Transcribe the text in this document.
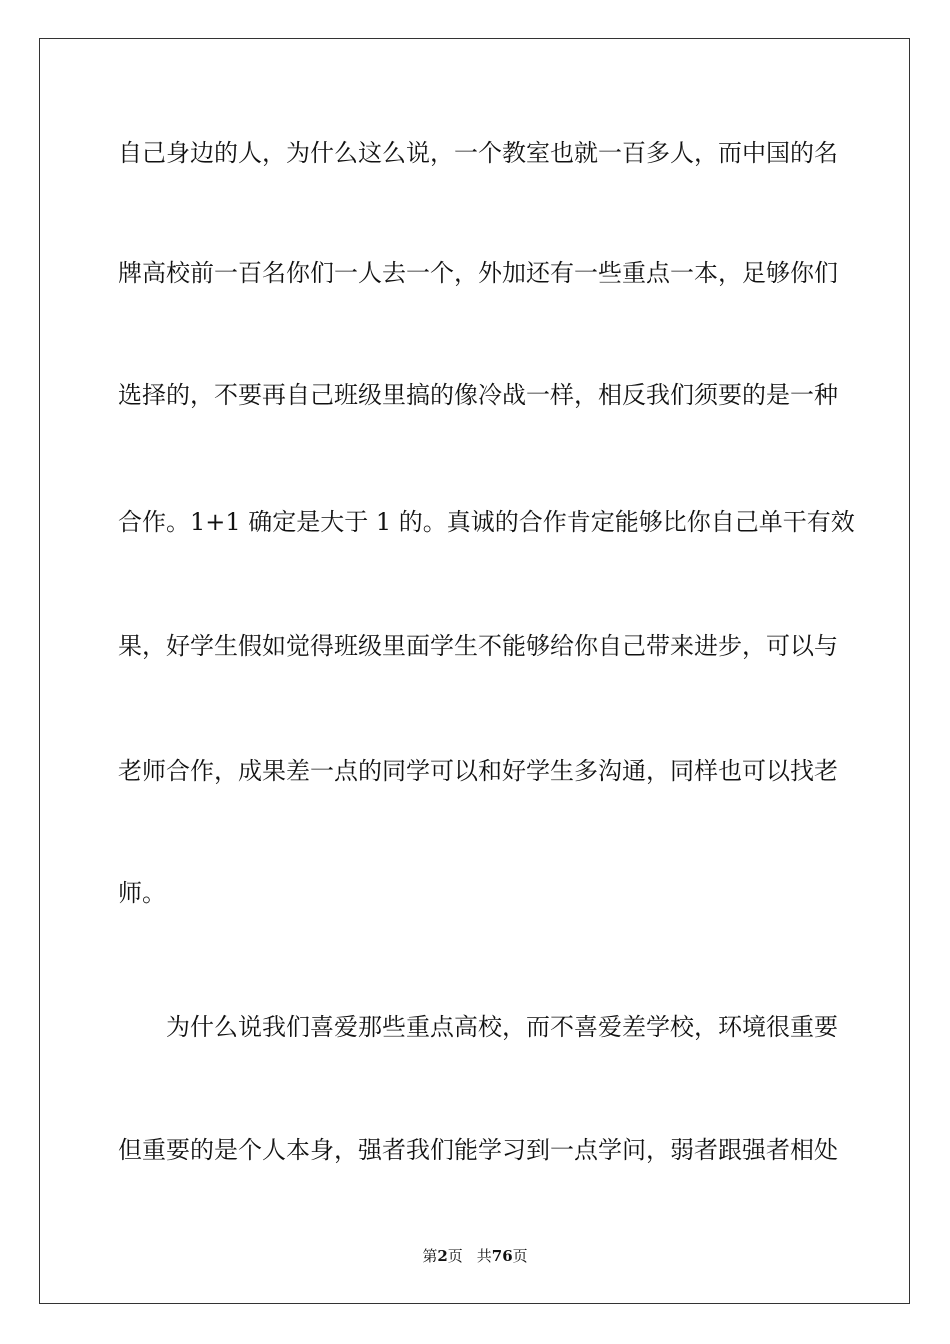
自己身边的人，为什么这么说，一个教室也就一百多人，而中国的名
牌高校前一百名你们一人去一个，外加还有一些重点一本，足够你们
选择的，不要再自己班级里搞的像冷战一样，相反我们须要的是一种
合作。1+1 确定是大于 1 的。真诚的合作肯定能够比你自己单干有效
果，好学生假如觉得班级里面学生不能够给你自己带来进步，可以与
老师合作，成果差一点的同学可以和好学生多沟通，同样也可以找老
师。
为什么说我们喜爱那些重点高校，而不喜爱差学校，环境很重要
但重要的是个人本身，强者我们能学习到一点学问，弱者跟强者相处
第2页 共76页
